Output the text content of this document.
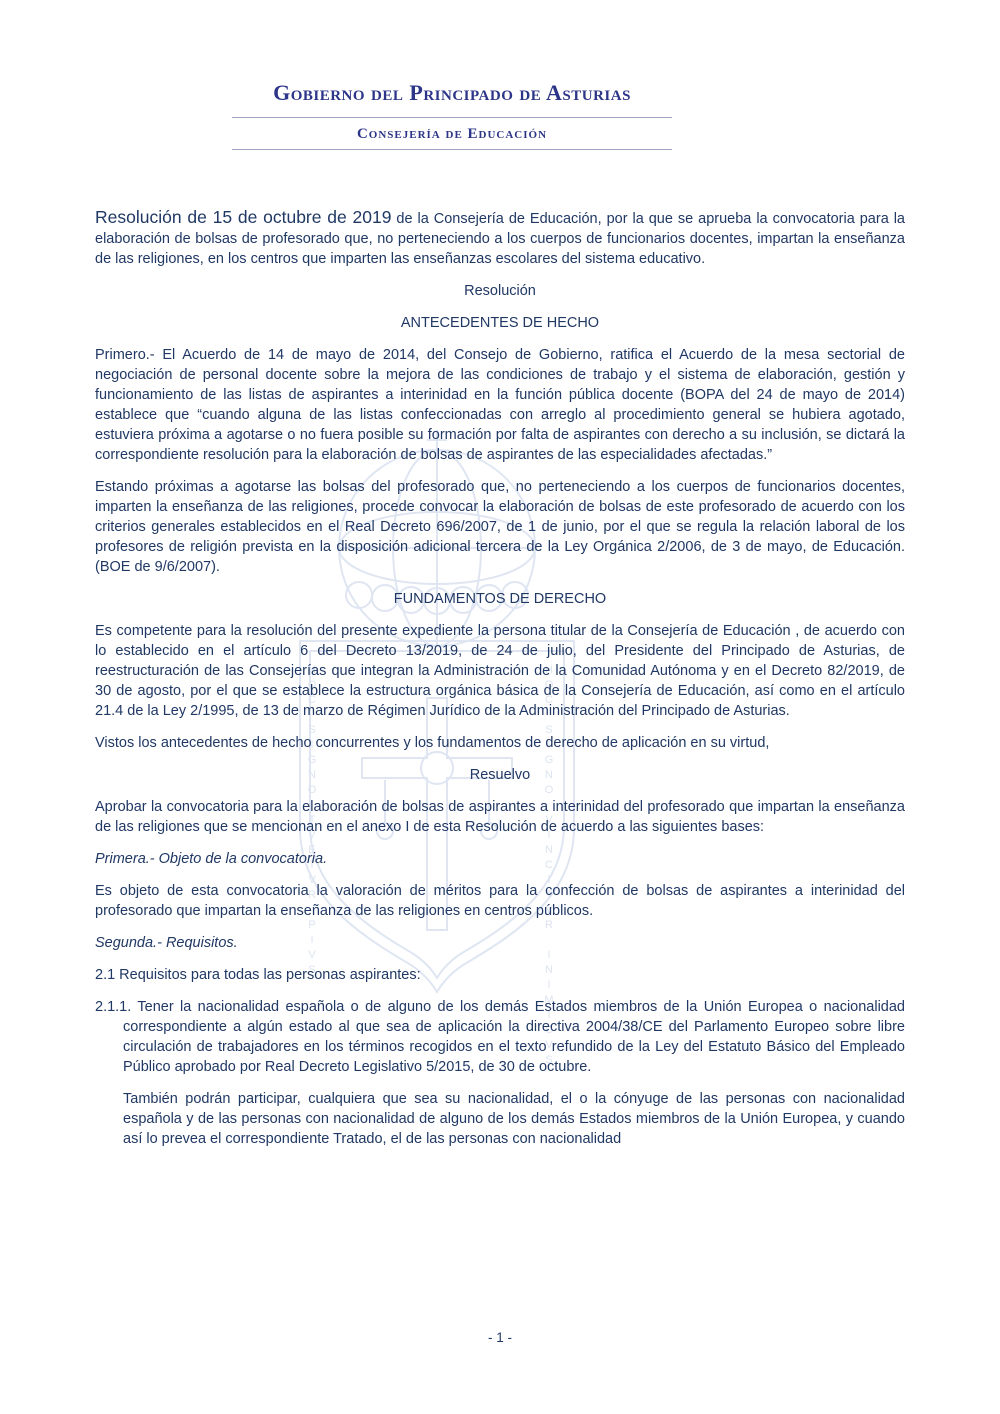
HOC SIGNO TVETVR PIVS	HOC SIGNO VINCITVR INIMICVS
Gobierno del Principado de Asturias
Consejería de Educación

Resolución de 15 de octubre de 2019 de la Consejería de Educación, por la que se aprueba la convocatoria para la elaboración de bolsas de profesorado que, no perteneciendo a los cuerpos de funcionarios docentes, impartan la enseñanza de las religiones, en los centros que imparten las enseñanzas escolares del sistema educativo.

Resolución

ANTECEDENTES DE HECHO

Primero.- El Acuerdo de 14 de mayo de 2014, del Consejo de Gobierno, ratifica el Acuerdo de la mesa sectorial de negociación de personal docente sobre la mejora de las condiciones de trabajo y el sistema de elaboración, gestión y funcionamiento de las listas de aspirantes a interinidad en la función pública docente (BOPA del 24 de mayo de 2014) establece que “cuando alguna de las listas confeccionadas con arreglo al procedimiento general se hubiera agotado, estuviera próxima a agotarse o no fuera posible su formación por falta de aspirantes con derecho a su inclusión, se dictará la correspondiente resolución para la elaboración de bolsas de aspirantes de las especialidades afectadas.”

Estando próximas a agotarse las bolsas del profesorado que, no perteneciendo a los cuerpos de funcionarios docentes, imparten la enseñanza de las religiones, procede convocar la elaboración de bolsas de este profesorado de acuerdo con los criterios generales establecidos en el Real Decreto 696/2007, de 1 de junio, por el que se regula la relación laboral de los profesores de religión prevista en la disposición adicional tercera de la Ley Orgánica 2/2006, de 3 de mayo, de Educación. (BOE de 9/6/2007).

FUNDAMENTOS DE DERECHO

Es competente para la resolución del presente expediente la persona titular de la Consejería de Educación , de acuerdo con lo establecido en el artículo 6 del Decreto 13/2019, de 24 de julio, del Presidente del Principado de Asturias, de reestructuración de las Consejerías que integran la Administración de la Comunidad Autónoma y en el Decreto 82/2019, de 30 de agosto, por el que se establece la estructura orgánica básica de la Consejería de Educación, así como en el artículo 21.4 de la Ley 2/1995, de 13 de marzo de Régimen Jurídico de la Administración del Principado de Asturias.

Vistos los antecedentes de hecho concurrentes y los fundamentos de derecho de aplicación en su virtud,

Resuelvo

Aprobar la convocatoria para la elaboración de bolsas de aspirantes a interinidad del profesorado que impartan la enseñanza de las religiones que se mencionan en el anexo I de esta Resolución de acuerdo a las siguientes bases:

Primera.- Objeto de la convocatoria.

Es objeto de esta convocatoria la valoración de méritos para la confección de bolsas de aspirantes a interinidad del profesorado que impartan la enseñanza de las religiones en centros públicos.

Segunda.- Requisitos.

2.1 Requisitos para todas las personas aspirantes:

2.1.1. Tener la nacionalidad española o de alguno de los demás Estados miembros de la Unión Europea o nacionalidad correspondiente a algún estado al que sea de aplicación la directiva 2004/38/CE del Parlamento Europeo sobre libre circulación de trabajadores en los términos recogidos en el texto refundido de la Ley del Estatuto Básico del Empleado Público aprobado por Real Decreto Legislativo 5/2015, de 30 de octubre.

También podrán participar, cualquiera que sea su nacionalidad, el o la cónyuge de las personas con nacionalidad española y de las personas con nacionalidad de alguno de los demás Estados miembros de la Unión Europea, y cuando así lo prevea el correspondiente Tratado, el de las personas con nacionalidad

- 1 -
